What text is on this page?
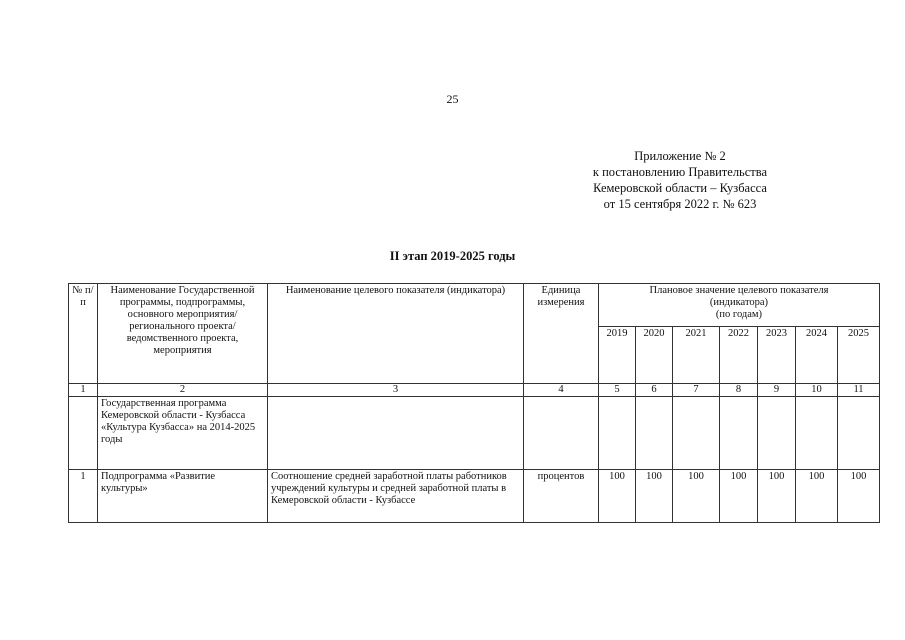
25
Приложение № 2
к постановлению Правительства
Кемеровской области – Кузбасса
от 15 сентября 2022 г. № 623
II этап 2019-2025 годы
№ п/п	Наименование Государственной программы, подпрограммы, основного мероприятия/ регионального проекта/ведомственного проекта, мероприятия	Наименование целевого показателя (индикатора)	Единица измерения	Плановое значение целевого показателя
(индикатора)
(по годам)						

				2019	2020	2021	2022	2023	2024	2025
1	2	3	4	5	6	7	8	9	10	11
	Государственная программа Кемеровской области - Кузбасса «Культура Кузбасса» на 2014-2025 годы									
1	Подпрограмма «Развитие культуры»	Соотношение средней заработной платы работников учреждений культуры и средней заработной платы в Кемеровской области - Кузбассе	процентов	100	100	100	100	100	100	100
